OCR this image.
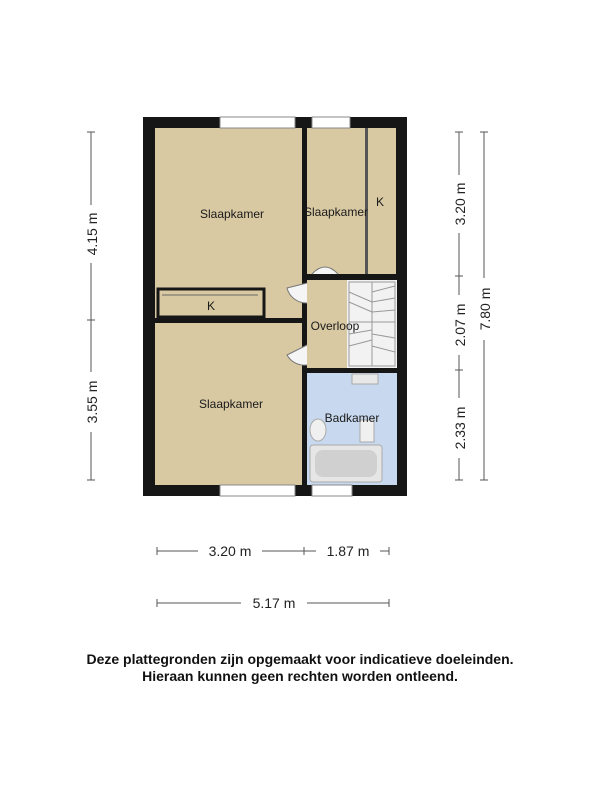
Slaapkamer	Slaapkamer
K
K
Overloop
Slaapkamer
Badkamer
4.15 m
3.55 m
3.20 m
2.07 m
2.33 m
7.80 m
3.20 m	1.87 m
5.17 m
Deze plattegronden zijn opgemaakt voor indicatieve doeleinden.
Hieraan kunnen geen rechten worden ontleend.
